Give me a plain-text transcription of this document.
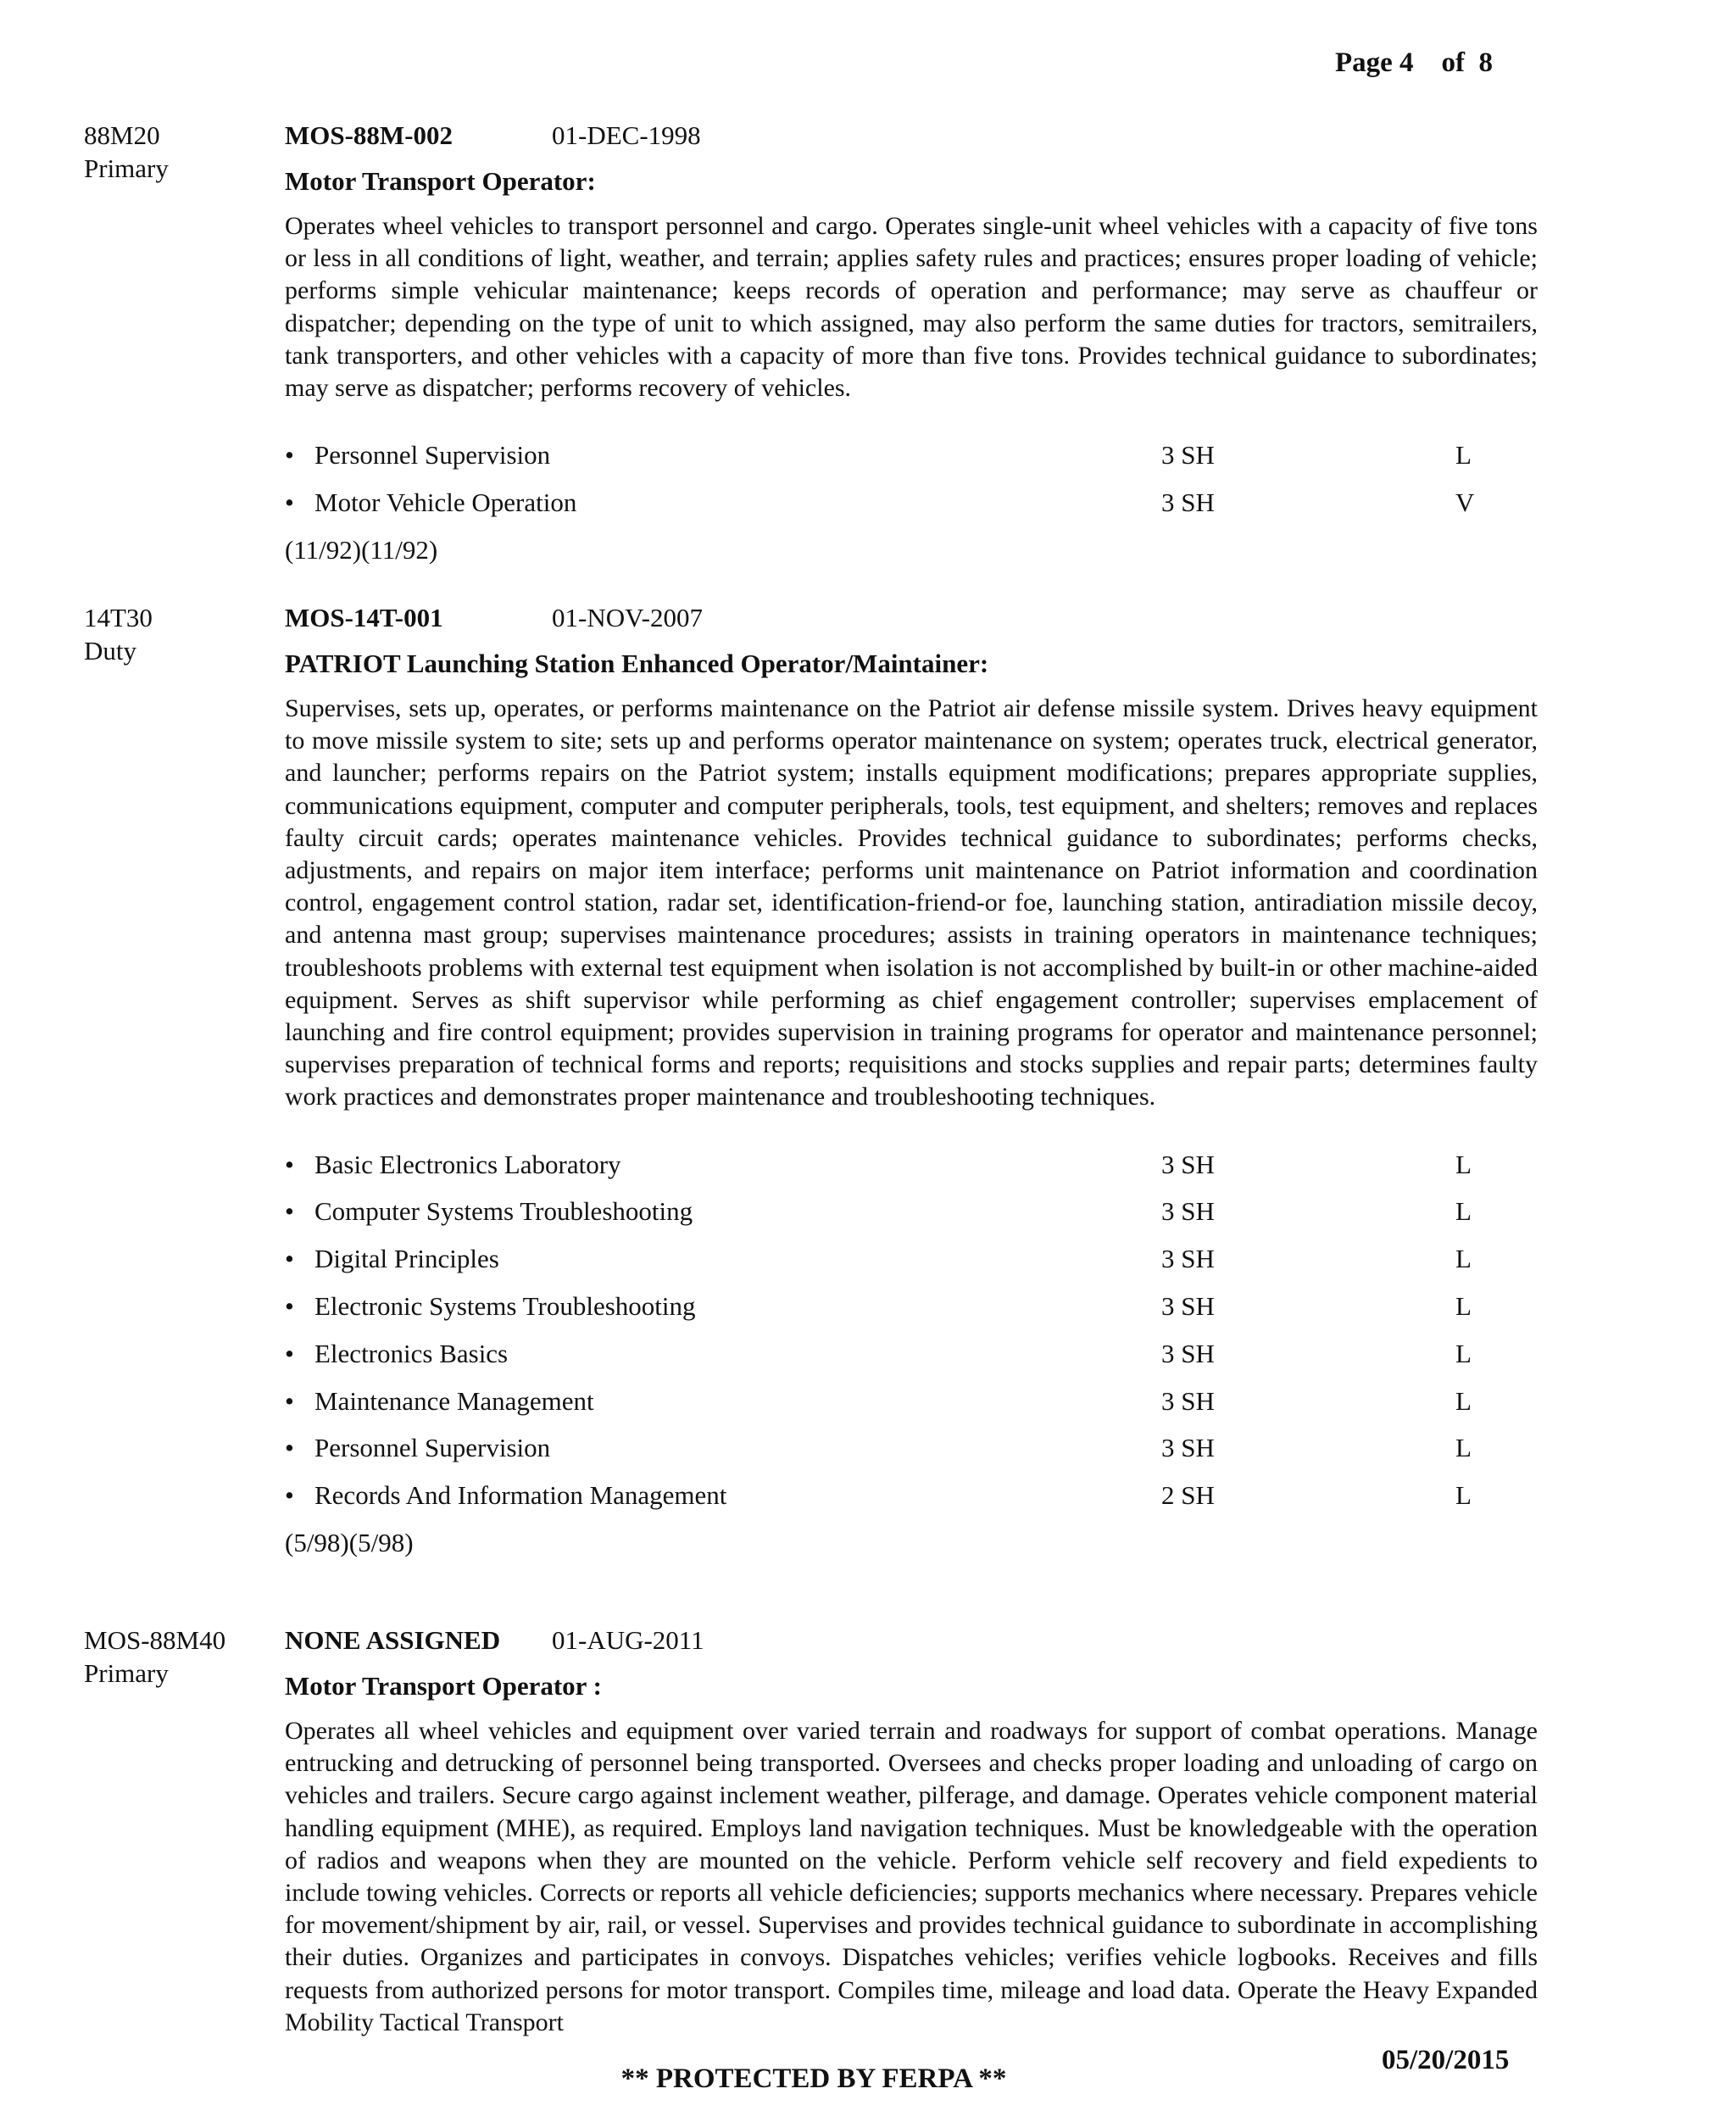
Page 4    of  8
88M20
Primary
MOS-88M-002	01-DEC-1998
Motor Transport Operator:
Operates wheel vehicles to transport personnel and cargo. Operates single-unit wheel vehicles with a capacity of five tons or less in all conditions of light, weather, and terrain; applies safety rules and practices; ensures proper loading of vehicle; performs simple vehicular maintenance; keeps records of operation and performance; may serve as chauffeur or dispatcher; depending on the type of unit to which assigned, may also perform the same duties for tractors, semitrailers, tank transporters, and other vehicles with a capacity of more than five tons. Provides technical guidance to subordinates; may serve as dispatcher; performs recovery of vehicles.
• Personnel Supervision	3 SH	L
• Motor Vehicle Operation	3 SH	V
(11/92)(11/92)
14T30
Duty
MOS-14T-001	01-NOV-2007
PATRIOT Launching Station Enhanced Operator/Maintainer:
Supervises, sets up, operates, or performs maintenance on the Patriot air defense missile system. Drives heavy equipment to move missile system to site; sets up and performs operator maintenance on system; operates truck, electrical generator, and launcher; performs repairs on the Patriot system; installs equipment modifications; prepares appropriate supplies, communications equipment, computer and computer peripherals, tools, test equipment, and shelters; removes and replaces faulty circuit cards; operates maintenance vehicles. Provides technical guidance to subordinates; performs checks, adjustments, and repairs on major item interface; performs unit maintenance on Patriot information and coordination control, engagement control station, radar set, identification-friend-or foe, launching station, antiradiation missile decoy, and antenna mast group; supervises maintenance procedures; assists in training operators in maintenance techniques; troubleshoots problems with external test equipment when isolation is not accomplished by built-in or other machine-aided equipment. Serves as shift supervisor while performing as chief engagement controller; supervises emplacement of launching and fire control equipment; provides supervision in training programs for operator and maintenance personnel; supervises preparation of technical forms and reports; requisitions and stocks supplies and repair parts; determines faulty work practices and demonstrates proper maintenance and troubleshooting techniques.
• Basic Electronics Laboratory	3 SH	L
• Computer Systems Troubleshooting	3 SH	L
• Digital Principles	3 SH	L
• Electronic Systems Troubleshooting	3 SH	L
• Electronics Basics	3 SH	L
• Maintenance Management	3 SH	L
• Personnel Supervision	3 SH	L
• Records And Information Management	2 SH	L
(5/98)(5/98)
MOS-88M40
Primary
NONE ASSIGNED 01-AUG-2011
Motor Transport Operator :
Operates all wheel vehicles and equipment over varied terrain and roadways for support of combat operations. Manage entrucking and detrucking of personnel being transported. Oversees and checks proper loading and unloading of cargo on vehicles and trailers. Secure cargo against inclement weather, pilferage, and damage. Operates vehicle component material handling equipment (MHE), as required. Employs land navigation techniques. Must be knowledgeable with the operation of radios and weapons when they are mounted on the vehicle. Perform vehicle self recovery and field expedients to include towing vehicles. Corrects or reports all vehicle deficiencies; supports mechanics where necessary. Prepares vehicle for movement/shipment by air, rail, or vessel. Supervises and provides technical guidance to subordinate in accomplishing their duties. Organizes and participates in convoys. Dispatches vehicles; verifies vehicle logbooks. Receives and fills requests from authorized persons for motor transport. Compiles time, mileage and load data. Operate the Heavy Expanded Mobility Tactical Transport
05/20/2015
** PROTECTED BY FERPA **
